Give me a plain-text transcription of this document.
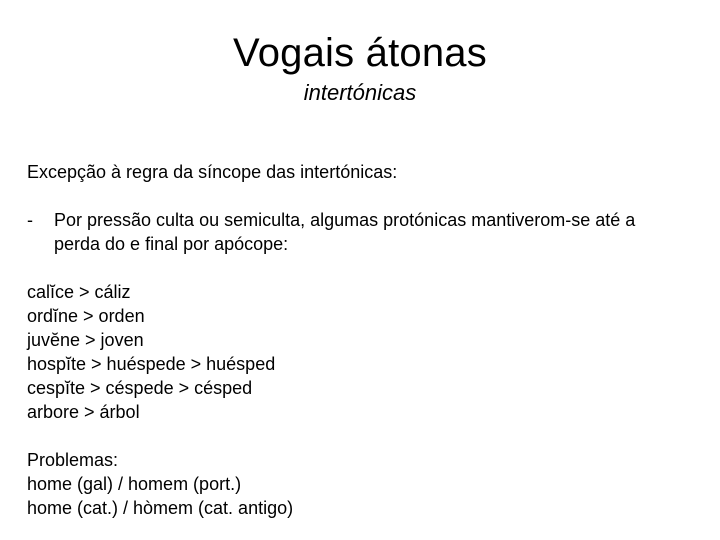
Vogais átonas
intertónicas
Excepção à regra da síncope das intertónicas:
- Por pressão culta ou semiculta, algumas protónicas mantiverom-se até a
perda do e final por apócope:
calĭce > cáliz
ordĭne > orden
juvĕne > joven
hospĭte > huéspede > huésped
cespĭte > céspede > césped
arbore > árbol
Problemas:
home (gal) / homem (port.)
home (cat.) / hòmem (cat. antigo)
